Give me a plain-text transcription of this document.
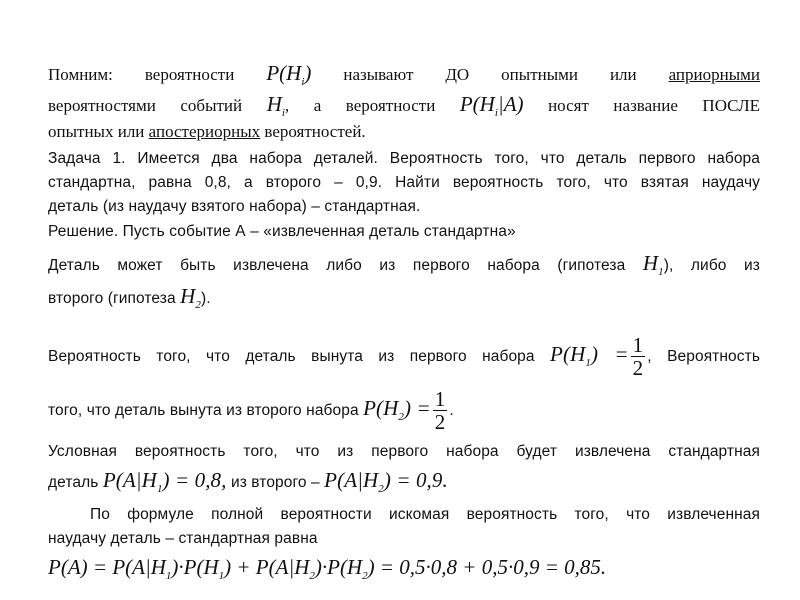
Помним: вероятности $P(H_i)$ называют ДО опытными или априорными
вероятностями событий $H_i$, а вероятности $P(H_i|A)$ носят название ПОСЛЕ
опытных или апостериорных вероятностей.
Задача 1. Имеется два набора деталей. Вероятность того, что деталь первого набора
стандартна, равна 0,8, а второго – 0,9. Найти вероятность того, что взятая наудачу
деталь (из наудачу взятого набора) – стандартная.
Решение. Пусть событие А – «извлеченная деталь стандартна»
Деталь может быть извлечена либо из первого набора (гипотеза $H_1$), либо из
второго (гипотеза $H_2$).
Вероятность того, что деталь вынута из первого набора $P(H_1) = \frac{1}{2}$ , Вероятность
того, что деталь вынута из второго набора $P(H_2) = \frac{1}{2}$ .
Условная вероятность того, что из первого набора будет извлечена стандартная
деталь $P(A|H_1) = 0,8$, из второго – $P(A|H_2) = 0,9$.
По формуле полной вероятности искомая вероятность того, что извлеченная
наудачу деталь – стандартная равна
$P(A) = P(A|H_1)\cdot P(H_1) + P(A|H_2)\cdot P(H_2) = 0,5\cdot 0,8 + 0,5\cdot 0,9 = 0,85$.
